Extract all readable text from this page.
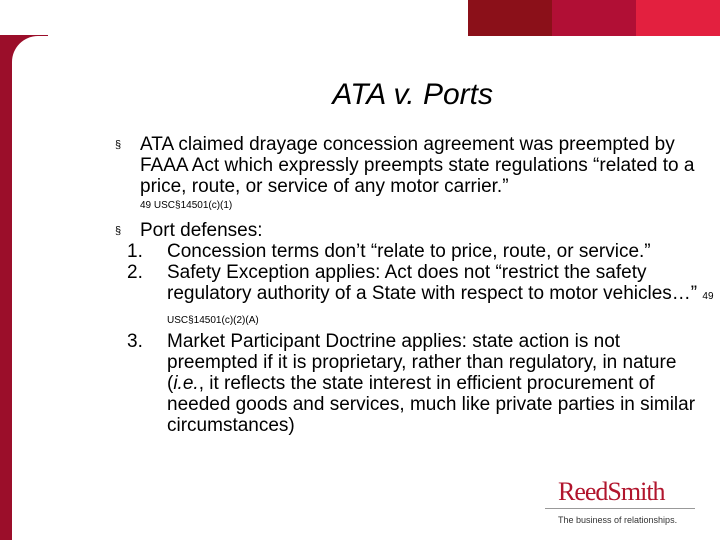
ATA v. Ports
§ ATA claimed drayage concession agreement was preempted by FAAA Act which expressly preempts state regulations “related to a price, route, or service of any motor carrier.”
49 USC§14501(c)(1)
§ Port defenses:
1. Concession terms don’t “relate to price, route, or service.”
2. Safety Exception applies: Act does not “restrict the safety regulatory authority of a State with respect to motor vehicles…” 49 USC§14501(c)(2)(A)
3. Market Participant Doctrine applies: state action is not preempted if it is proprietary, rather than regulatory, in nature (i.e., it reflects the state interest in efficient procurement of needed goods and services, much like private parties in similar circumstances)
ReedSmith
The business of relationships.
